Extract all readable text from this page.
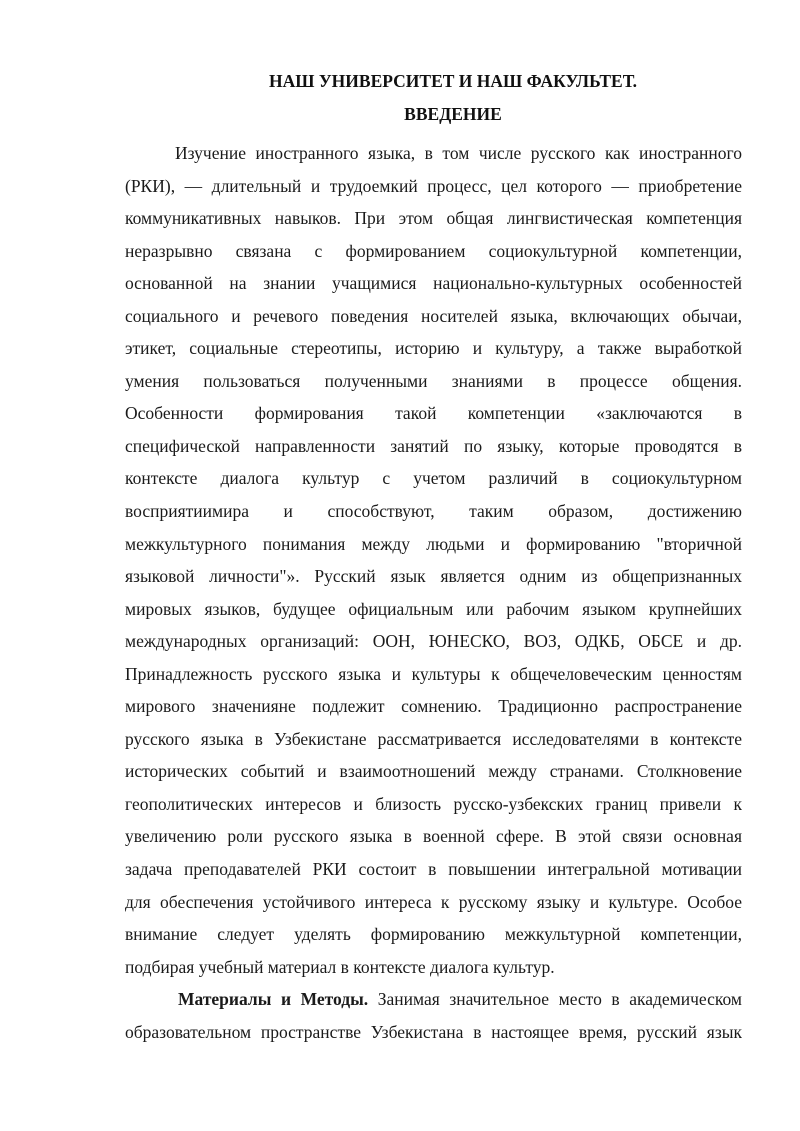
НАШ УНИВЕРСИТЕТ И НАШ ФАКУЛЬТЕТ.
ВВЕДЕНИЕ
Изучение иностранного языка, в том числе русского как иностранного
(РКИ), — длительный и трудоемкий процесс, цел которого — приобретение
коммуникативных навыков. При этом общая лингвистическая компетенция
неразрывно связана с формированием социокультурной компетенции,
основанной на знании учащимися национально-культурных особенностей
социального и речевого поведения носителей языка, включающих обычаи,
этикет, социальные стереотипы, историю и культуру, а также выработкой
умения пользоваться полученными знаниями в процессе общения.
Особенности формирования такой компетенции «заключаются в
специфической направленности занятий по языку, которые проводятся в
контексте диалога культур с учетом различий в социокультурном
восприятиимира и способствуют, таким образом, достижению
межкультурного понимания между людьми и формированию "вторичной
языковой личности"». Русский язык является одним из общепризнанных
мировых языков, будущее официальным или рабочим языком крупнейших
международных организаций: ООН, ЮНЕСКО, ВОЗ, ОДКБ, ОБСЕ и др.
Принадлежность русского языка и культуры к общечеловеческим ценностям
мирового значенияне подлежит сомнению. Традиционно распространение
русского языка в Узбекистане рассматривается исследователями в контексте
исторических событий и взаимоотношений между странами. Столкновение
геополитических интересов и близость русско-узбекских границ привели к
увеличению роли русского языка в военной сфере. В этой связи основная
задача преподавателей РКИ состоит в повышении интегральной мотивации
для обеспечения устойчивого интереса к русскому языку и культуре. Особое
внимание следует уделять формированию межкультурной компетенции,
подбирая учебный материал в контексте диалога культур.
Материалы и Методы. Занимая значительное место в академическом
образовательном пространстве Узбекистана в настоящее время, русский язык
